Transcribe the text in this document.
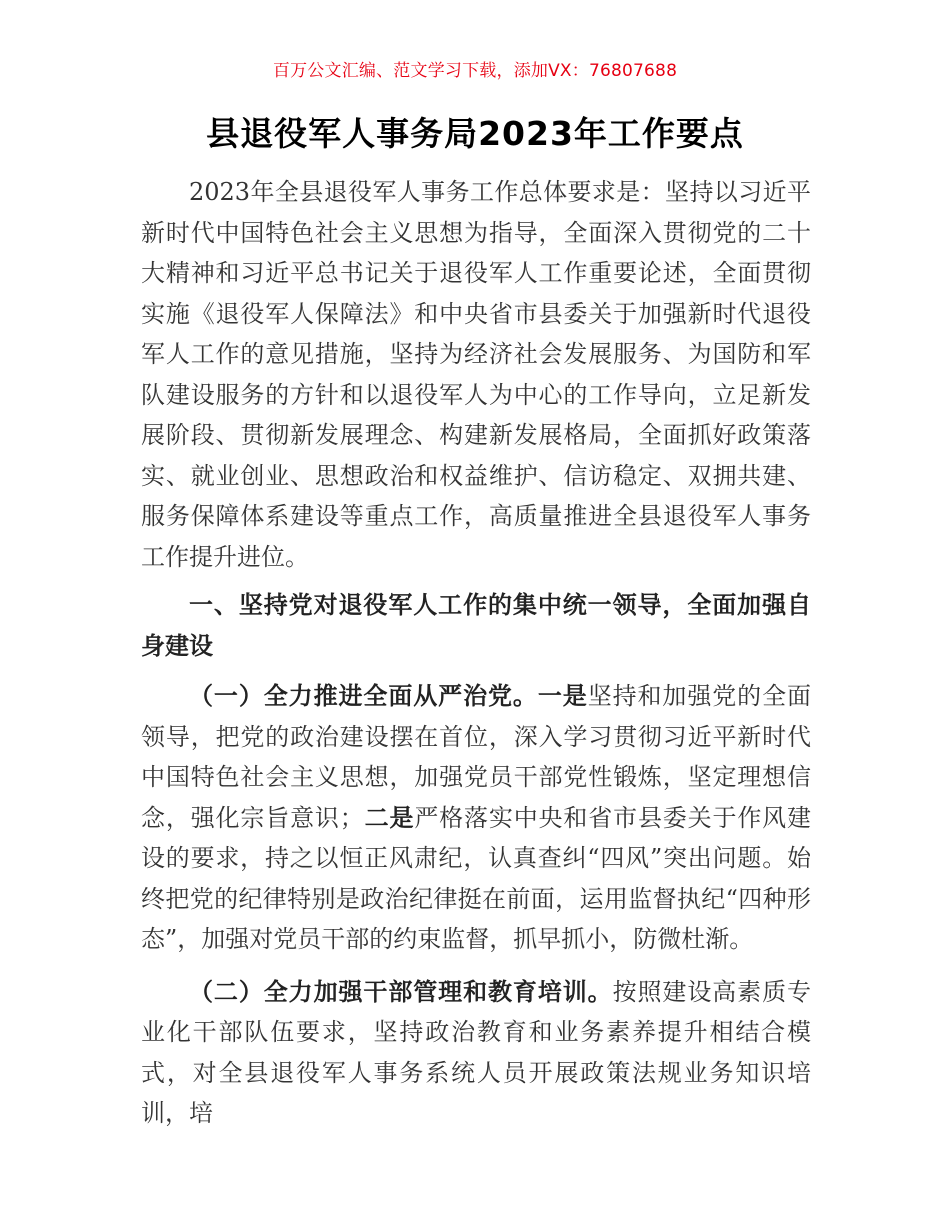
百万公文汇编、范文学习下载，添加VX：76807688
县退役军人事务局2023年工作要点

2023年全县退役军人事务工作总体要求是：坚持以习近平新时代中国特色社会主义思想为指导，全面深入贯彻党的二十大精神和习近平总书记关于退役军人工作重要论述，全面贯彻实施《退役军人保障法》和中央省市县委关于加强新时代退役军人工作的意见措施，坚持为经济社会发展服务、为国防和军队建设服务的方针和以退役军人为中心的工作导向，立足新发展阶段、贯彻新发展理念、构建新发展格局，全面抓好政策落实、就业创业、思想政治和权益维护、信访稳定、双拥共建、服务保障体系建设等重点工作，高质量推进全县退役军人事务工作提升进位。

一、坚持党对退役军人工作的集中统一领导，全面加强自身建设

（一）全力推进全面从严治党。一是坚持和加强党的全面领导，把党的政治建设摆在首位，深入学习贯彻习近平新时代中国特色社会主义思想，加强党员干部党性锻炼，坚定理想信念，强化宗旨意识；二是严格落实中央和省市县委关于作风建设的要求，持之以恒正风肃纪，认真查纠“四风”突出问题。始终把党的纪律特别是政治纪律挺在前面，运用监督执纪“四种形态”，加强对党员干部的约束监督，抓早抓小，防微杜渐。

（二）全力加强干部管理和教育培训。按照建设高素质专业化干部队伍要求，坚持政治教育和业务素养提升相结合模式，对全县退役军人事务系统人员开展政策法规业务知识培训，培
